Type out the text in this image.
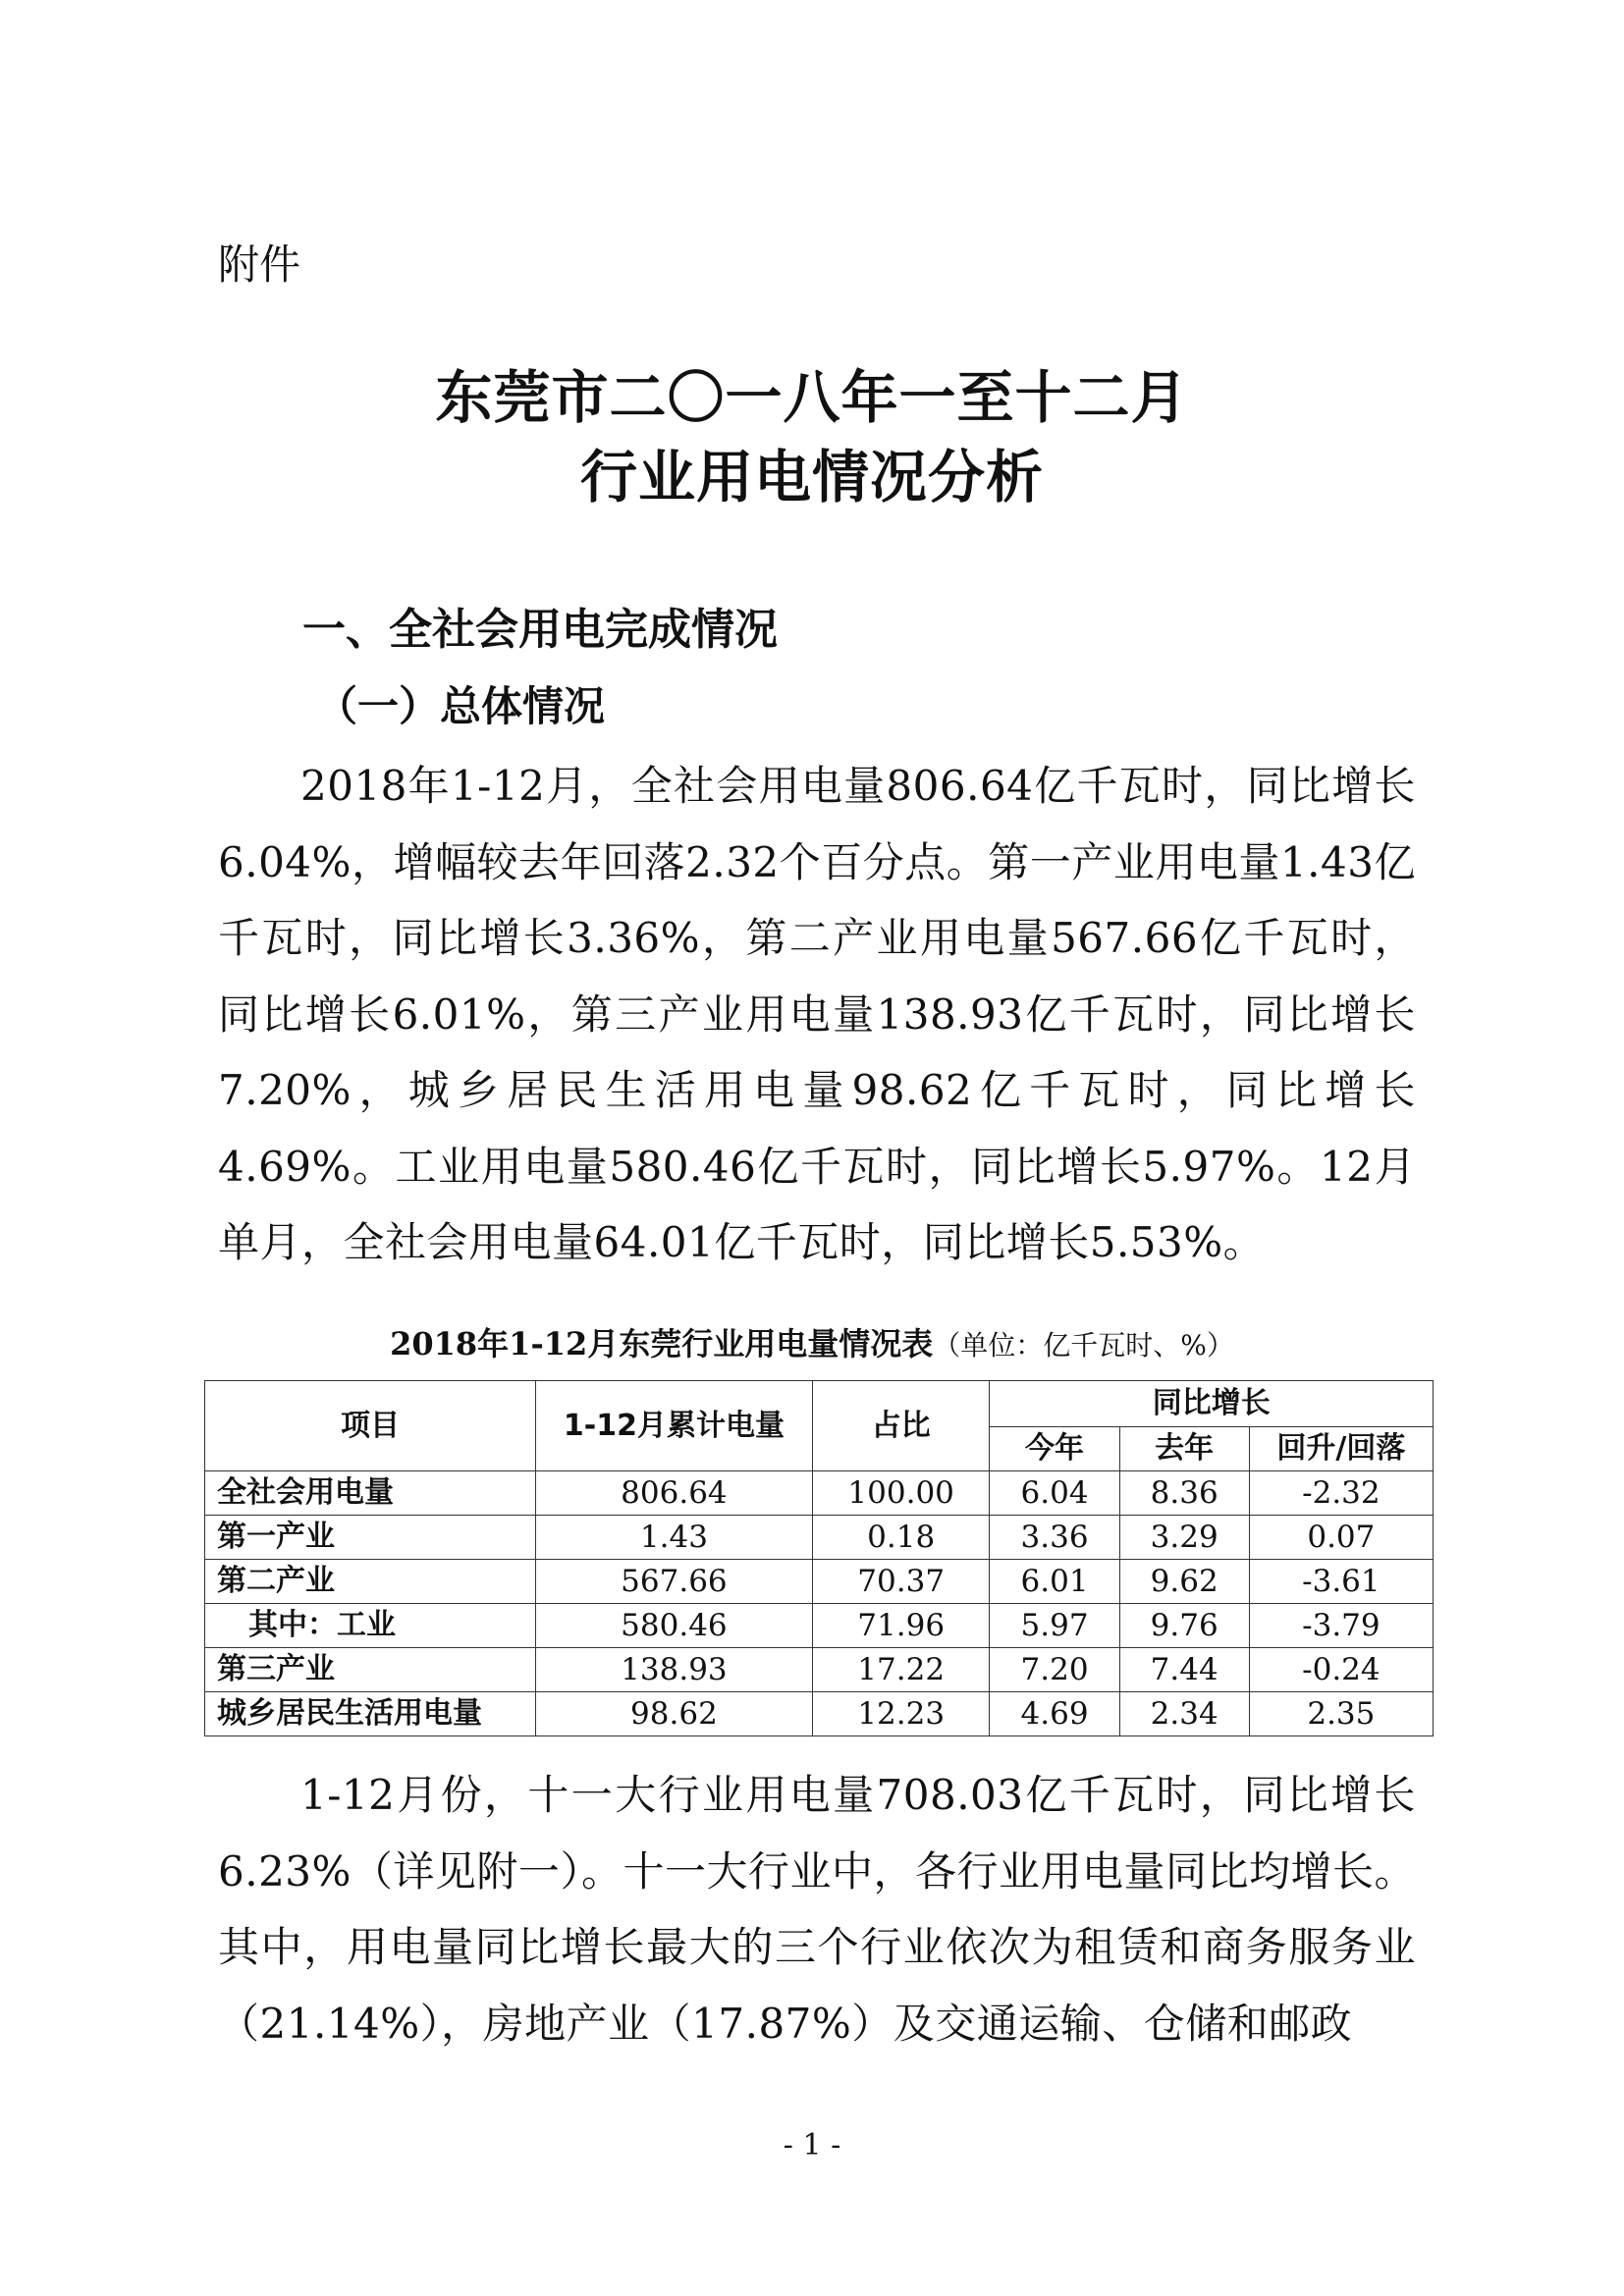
附件

东莞市二〇一八年一至十二月
行业用电情况分析
一、全社会用电完成情况
（一）总体情况

2018年1-12月，全社会用电量806.64亿千瓦时，同比增长6.04%，增幅较去年回落2.32个百分点。第一产业用电量1.43亿千瓦时，同比增长3.36%，第二产业用电量567.66亿千瓦时，同比增长6.01%，第三产业用电量138.93亿千瓦时，同比增长7.20%，城乡居民生活用电量98.62亿千瓦时，同比增长4.69%。工业用电量580.46亿千瓦时，同比增长5.97%。12月单月，全社会用电量64.01亿千瓦时，同比增长5.53%。

2018年1-12月东莞行业用电量情况表（单位：亿千瓦时、%）

项目	1-12月累计电量	占比	同比增长		
			今年	去年	回升/回落
全社会用电量	806.64	100.00	6.04	8.36	-2.32
第一产业	1.43	0.18	3.36	3.29	0.07
第二产业	567.66	70.37	6.01	9.62	-3.61
其中：工业	580.46	71.96	5.97	9.76	-3.79
第三产业	138.93	17.22	7.20	7.44	-0.24
城乡居民生活用电量	98.62	12.23	4.69	2.34	2.35

1-12月份，十一大行业用电量708.03亿千瓦时，同比增长6.23%（详见附一）。十一大行业中，各行业用电量同比均增长。其中，用电量同比增长最大的三个行业依次为租赁和商务服务业（21.14%），房地产业（17.87%）及交通运输、仓储和邮政

- 1 -
